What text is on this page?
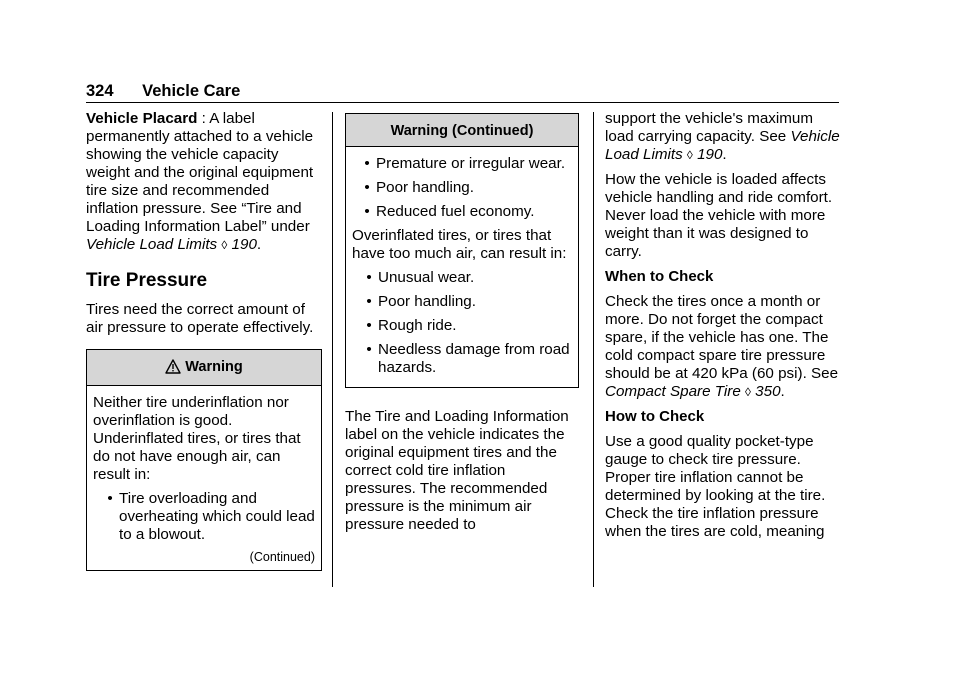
324 Vehicle Care

Vehicle Placard : A label permanently attached to a vehicle showing the vehicle capacity weight and the original equipment tire size and recommended inflation pressure. See “Tire and Loading Information Label” under Vehicle Load Limits ◊ 190.

Tire Pressure

Tires need the correct amount of air pressure to operate effectively.

Warning

Neither tire underinflation nor overinflation is good. Underinflated tires, or tires that do not have enough air, can result in:

• Tire overloading and overheating which could lead to a blowout.
(Continued)
Warning (Continued)
• Premature or irregular wear.
• Poor handling.
• Reduced fuel economy.

Overinflated tires, or tires that have too much air, can result in:

• Unusual wear.
• Poor handling.
• Rough ride.
• Needless damage from road hazards.

The Tire and Loading Information label on the vehicle indicates the original equipment tires and the correct cold tire inflation pressures. The recommended pressure is the minimum air pressure needed to

support the vehicle's maximum load carrying capacity. See Vehicle Load Limits ◊ 190.

How the vehicle is loaded affects vehicle handling and ride comfort. Never load the vehicle with more weight than it was designed to carry.

When to Check

Check the tires once a month or more. Do not forget the compact spare, if the vehicle has one. The cold compact spare tire pressure should be at 420 kPa (60 psi). See Compact Spare Tire ◊ 350.

How to Check

Use a good quality pocket-type gauge to check tire pressure. Proper tire inflation cannot be determined by looking at the tire. Check the tire inflation pressure when the tires are cold, meaning
